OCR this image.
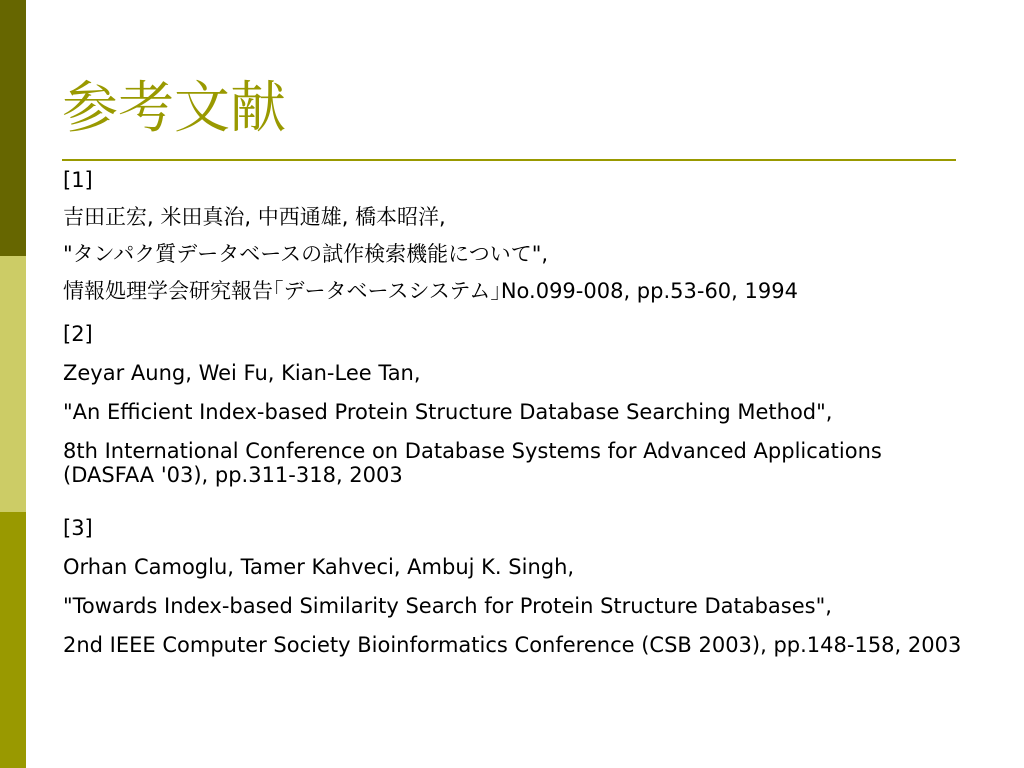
参考文献
[1]
吉田正宏, 米田真治, 中西通雄, 橋本昭洋,
"タンパク質データベースの試作検索機能について",
情報処理学会研究報告｢データベースシステム｣No.099-008, pp.53-60, 1994
[2]
Zeyar Aung, Wei Fu, Kian-Lee Tan,
"An Efficient Index-based Protein Structure Database Searching Method",
8th International Conference on Database Systems for Advanced Applications (DASFAA '03), pp.311-318, 2003
[3]
Orhan Camoglu, Tamer Kahveci, Ambuj K. Singh,
"Towards Index-based Similarity Search for Protein Structure Databases",
2nd IEEE Computer Society Bioinformatics Conference (CSB 2003), pp.148-158, 2003
